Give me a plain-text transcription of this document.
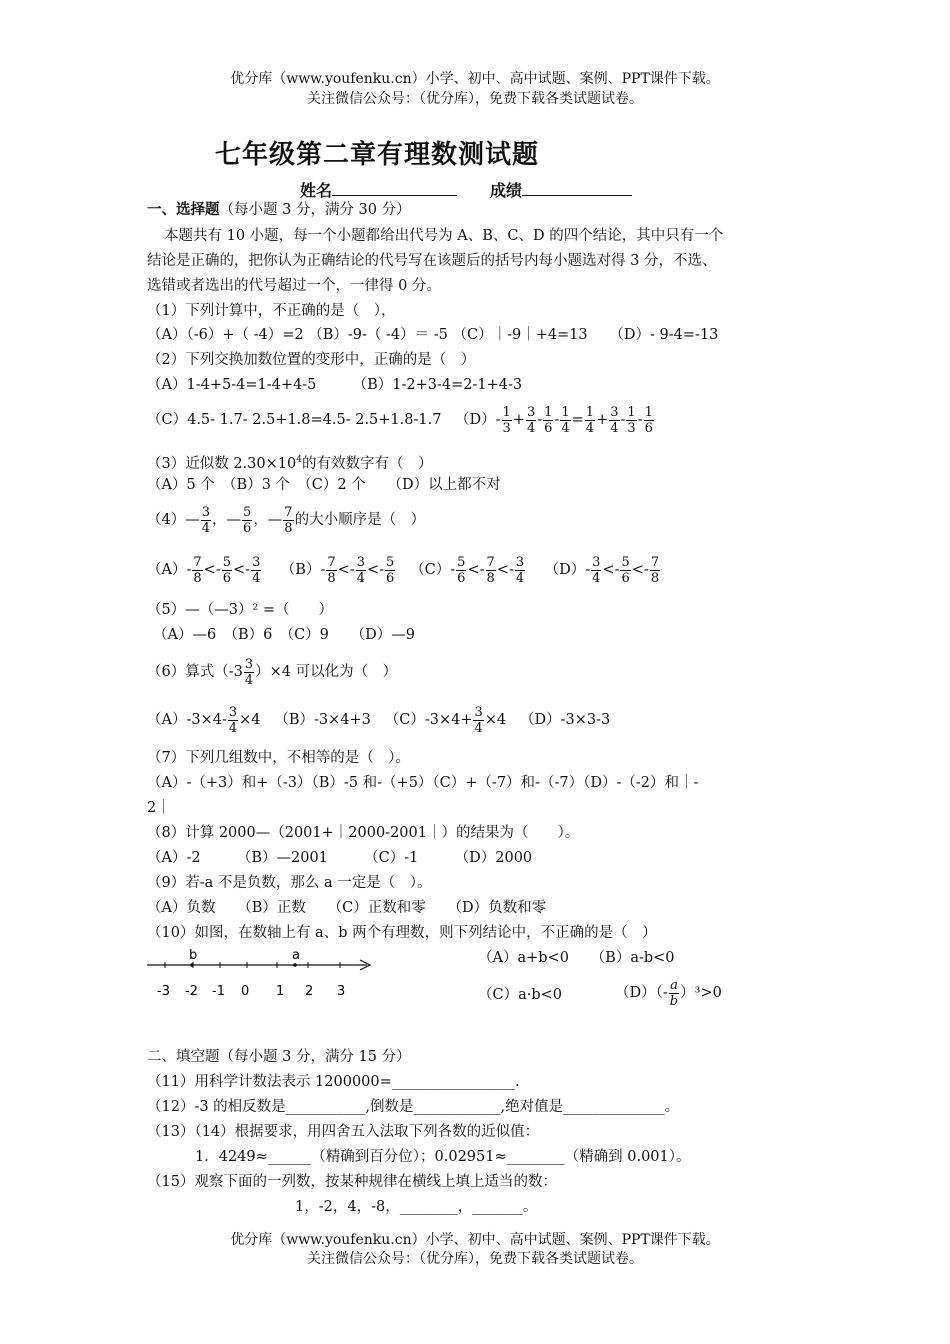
优分库（www.youfenku.cn）小学、初中、高中试题、案例、PPT课件下载。
关注微信公众号：（优分库），免费下载各类试题试卷。
七年级第二章有理数测试题
姓名	成绩
一、选择题（每小题 3 分，满分 30 分）
本题共有 10 小题，每一个小题都给出代号为 A、B、C、D 的四个结论，其中只有一个
结论是正确的，把你认为正确结论的代号写在该题后的括号内每小题选对得 3 分，不选、
选错或者选出的代号超过一个，一律得 0 分。
（1）下列计算中，不正确的是（　），
（A）（-6）+（ -4）=2 （B）-9-（ -4）＝ -5 （C）｜-9｜+4=13　　（D）- 9-4=-13
（2）下列交换加数位置的变形中，正确的是（　）
（A）1-4+5-4=1-4+4-5　　　（B）1-2+3-4=2-1+4-3
（C）4.5- 1.7- 2.5+1.8=4.5- 2.5+1.8-1.7 $(D)- \frac{1}{3} + \frac{3}{4} - \frac{1}{6} - \frac{1}{4} = \frac{1}{4} + \frac{3}{4} - \frac{1}{3} - \frac{1}{6}$
（3）近似数 $2.30\times 10^4$的有效数字有（　）
（A）5 个　（B）3 个　（C）2 个　　（D）以上都不对
（4）— $\frac{3}{4}$ ，— $\frac{5}{6}$ ，— $\frac{7}{8}$ 的大小顺序是（　）
$(A)- \frac{7}{8} <- \frac{5}{6} <- \frac{3}{4} (B)- \frac{7}{8} <- \frac{3}{4} <- \frac{5}{6} (C)- \frac{5}{6} <- \frac{7}{8} <- \frac{3}{4} (D)- \frac{3}{4} <- \frac{5}{6} <- \frac{7}{8}$
（5）—（—3）² =（　　）
（A）—6　（B）6　（C）9　　（D）—9
（6）算式$(-3 \frac{3}{4} )\times 4$ 可以化为（　）
$(A)-3\times 4- \frac{3}{4} \times 4$ （B）-3×4+3 $(C)-3\times 4+ \frac{3}{4} \times 4$ （D）-3×3-3
（7）下列几组数中，不相等的是（　）。
（A）-（+3）和+（-3）（B）-5 和-（+5）（C）+（-7）和-（-7）（D）-（-2）和｜-
2｜
（8）计算 2000—（2001+｜2000-2001｜）的结果为（　　）。
（A）-2　　　（B）—2001　　　（C）-1　　　（D）2000
（9）若-a 不是负数，那么 a 一定是（　）。
（A）负数　　（B）正数　　（C）正数和零　　（D）负数和零
（10）如图，在数轴上有 a、b 两个有理数，则下列结论中，不正确的是（　）
b	a
-3 -2 -1 0 1 2 3
（A）a+b<0　　（B）a-b<0
（C）a·b<0	$(D)(- \frac{a}{b} )^3>0$
二、填空题（每小题 3 分，满分 15 分）
（11）用科学计数法表示 1200000=_________________.
（12）-3 的相反数是___________,倒数是____________,绝对值是______________。
（13）（14）根据要求，用四舍五入法取下列各数的近似值：
1．4249≈______（精确到百分位）；0.02951≈________（精确到 0.001）。
（15）观察下面的一列数，按某种规律在横线上填上适当的数：
1，-2，4，-8，________，_______。
优分库（www.youfenku.cn）小学、初中、高中试题、案例、PPT课件下载。
关注微信公众号：（优分库），免费下载各类试题试卷。
